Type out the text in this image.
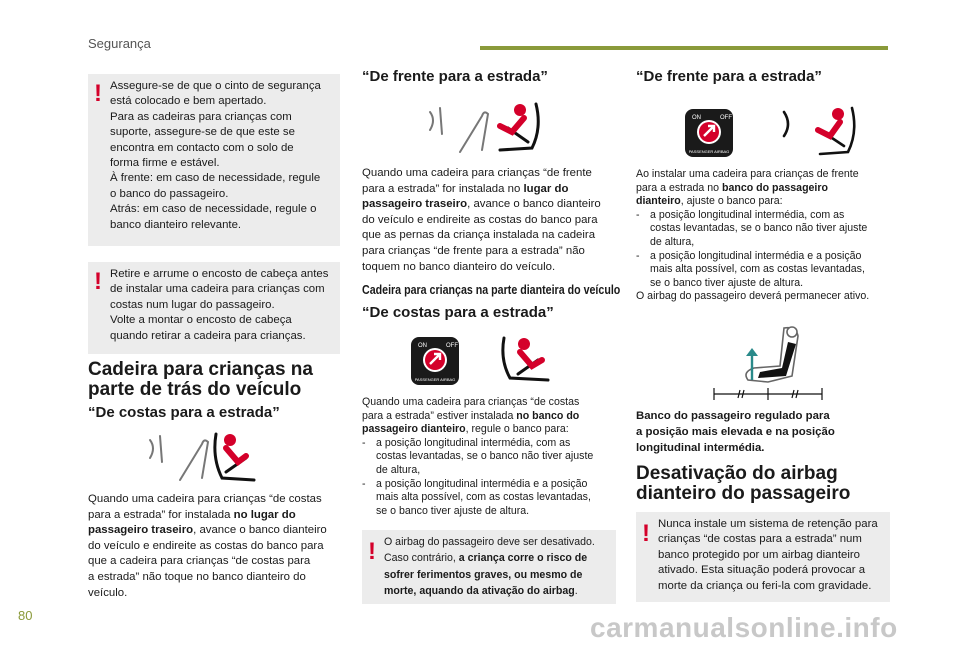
Segurança
80	carmanualsonline.info
! Assegure-se de que o cinto de segurança

está colocado e bem apertado.

Para as cadeiras para crianças com

suporte, assegure-se de que este se

encontra em contacto com o solo de

forma firme e estável.

À frente: em caso de necessidade, regule

o banco do passageiro.

Atrás: em caso de necessidade, regule o

banco dianteiro relevante.

! Retire e arrume o encosto de cabeça antes

de instalar uma cadeira para crianças com

costas num lugar do passageiro.

Volte a montar o encosto de cabeça

quando retirar a cadeira para crianças.

Cadeira para crianças na

parte de trás do veículo

“De costas para a estrada”

Quando uma cadeira para crianças “de costas

para a estrada” for instalada no lugar do

passageiro traseiro, avance o banco dianteiro

do veículo e endireite as costas do banco para

que a cadeira para crianças “de costas para

a estrada” não toque no banco dianteiro do

veículo.

“De frente para a estrada”

Quando uma cadeira para crianças “de frente

para a estrada” for instalada no lugar do

passageiro traseiro, avance o banco dianteiro

do veículo e endireite as costas do banco para

que as pernas da criança instalada na cadeira

para crianças “de frente para a estrada” não

toquem no banco dianteiro do veículo.

Cadeira para crianças na parte dianteira do veículo

“De costas para a estrada”

ON	OFF
PASSENGER AIRBAG

Quando uma cadeira para crianças “de costas

para a estrada” estiver instalada no banco do

passageiro dianteiro, regule o banco para:

- a posição longitudinal intermédia, com as

costas levantadas, se o banco não tiver ajuste

de altura,

- a posição longitudinal intermédia e a posição

mais alta possível, com as costas levantadas,

se o banco tiver ajuste de altura.

! O airbag do passageiro deve ser desativado.

Caso contrário, a criança corre o risco de

sofrer ferimentos graves, ou mesmo de

morte, aquando da ativação do airbag.

“De frente para a estrada”

ON	OFF
PASSENGER AIRBAG

Ao instalar uma cadeira para crianças de frente

para a estrada no banco do passageiro

dianteiro, ajuste o banco para:

- a posição longitudinal intermédia, com as

costas levantadas, se o banco não tiver ajuste

de altura,

- a posição longitudinal intermédia e a posição

mais alta possível, com as costas levantadas,

se o banco tiver ajuste de altura.

O airbag do passageiro deverá permanecer ativo.

Banco do passageiro regulado para

a posição mais elevada e na posição

longitudinal intermédia.

Desativação do airbag

dianteiro do passageiro

! Nunca instale um sistema de retenção para

crianças “de costas para a estrada” num

banco protegido por um airbag dianteiro

ativado. Esta situação poderá provocar a

morte da criança ou feri-la com gravidade.
